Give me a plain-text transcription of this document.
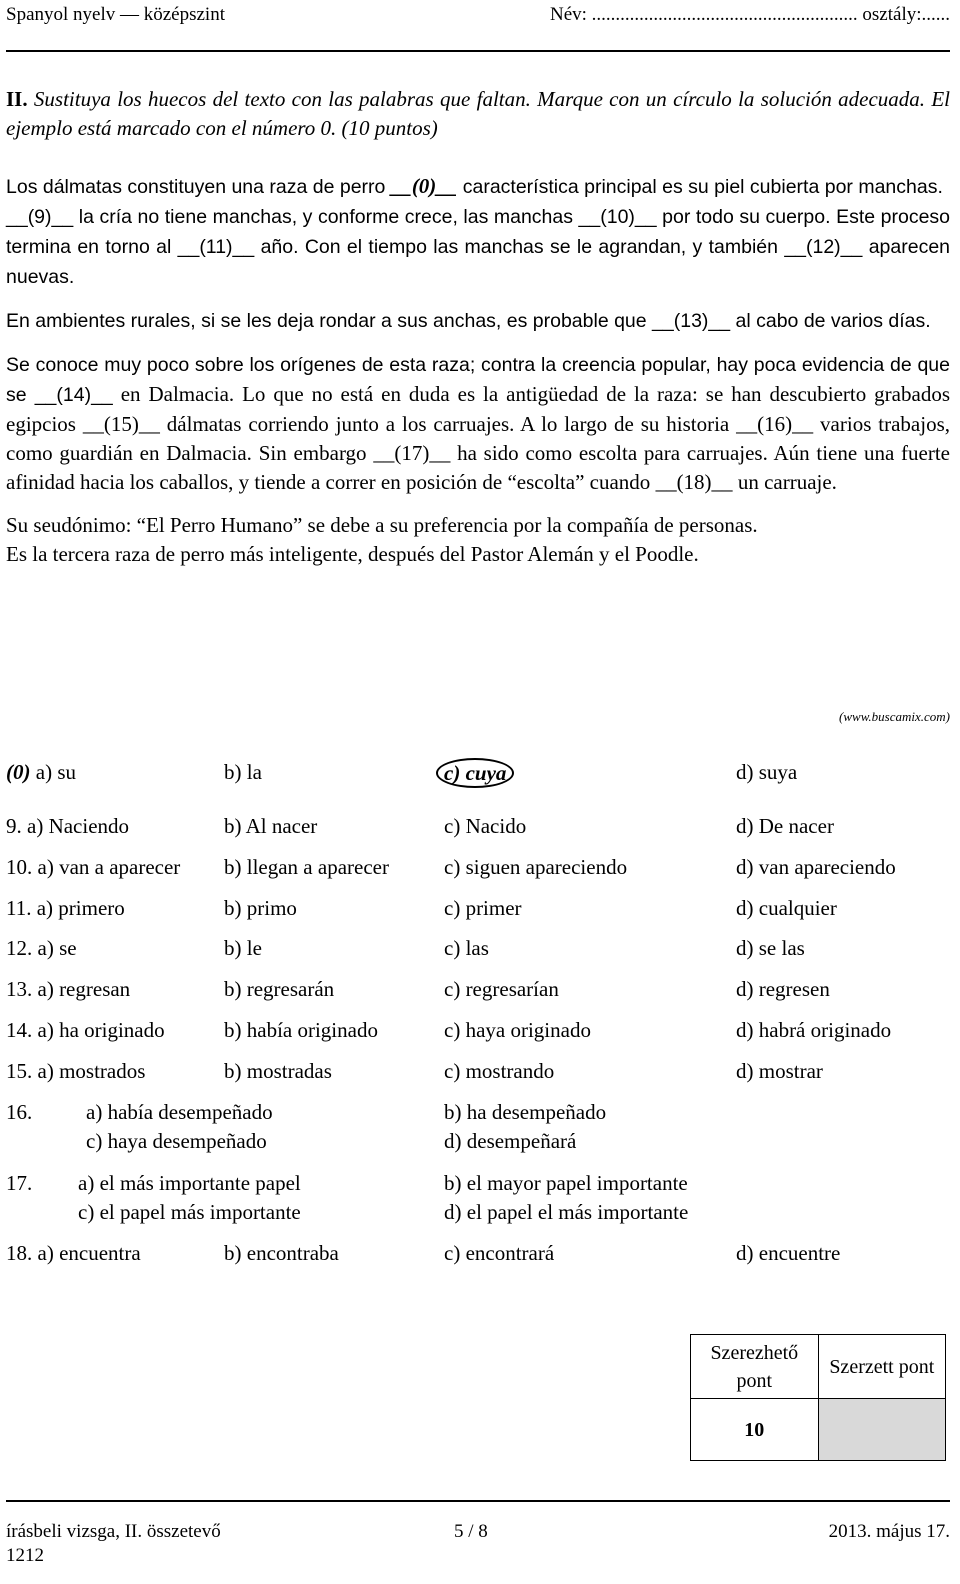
Spanyol nyelv — középszint	Név: ........................................................ osztály:......
II. Sustituya los huecos del texto con las palabras que faltan. Marque con un círculo la solución adecuada. El ejemplo está marcado con el número 0. (10 puntos)

Los dálmatas constituyen una raza de perro __(0)__ característica principal es su piel cubierta por manchas.

__(9)__ la cría no tiene manchas, y conforme crece, las manchas __(10)__ por todo su cuerpo. Este proceso termina en torno al __(11)__ año. Con el tiempo las manchas se le agrandan, y también __(12)__ aparecen nuevas.

En ambientes rurales, si se les deja rondar a sus anchas, es probable que __(13)__ al cabo de varios días.

Se conoce muy poco sobre los orígenes de esta raza; contra la creencia popular, hay poca evidencia de que se __(14)__ en Dalmacia. Lo que no está en duda es la antigüedad de la raza: se han descubierto grabados egipcios __(15)__ dálmatas corriendo junto a los carruajes. A lo largo de su historia __(16)__ varios trabajos, como guardián en Dalmacia. Sin embargo __(17)__ ha sido como escolta para carruajes. Aún tiene una fuerte afinidad hacia los caballos, y tiende a correr en posición de “escolta” cuando __(18)__ un carruaje.

Su seudónimo: “El Perro Humano” se debe a su preferencia por la compañía de personas.
Es la tercera raza de perro más inteligente, después del Pastor Alemán y el Poodle.

(www.buscamix.com)
(0) a) su	b) la	c) cuya	d) suya
9. a) Naciendo	b) Al nacer	c) Nacido	d) De nacer
10. a) van a aparecer b) llegan a aparecer	c) siguen apareciendo	d) van apareciendo
11. a) primero	b) primo	c) primer	d) cualquier
12. a) se	b) le	c) las	d) se las
13. a) regresan	b) regresarán	c) regresarían	d) regresen
14. a) ha originado	b) había originado	c) haya originado	d) habrá originado
15. a) mostrados	b) mostradas	c) mostrando	d) mostrar
16.	a) había desempeñado	b) ha desempeñado
c) haya desempeñado	d) desempeñará
17. a) el más importante papel	b) el mayor papel importante
c) el papel más importante	d) el papel el más importante
18. a) encuentra	b) encontraba	c) encontrará	d) encuentre
Szerezhető pont	Szerzett pont
10	
írásbeli vizsga, II. összetevő	5 / 8	2013. május 17.
1212
